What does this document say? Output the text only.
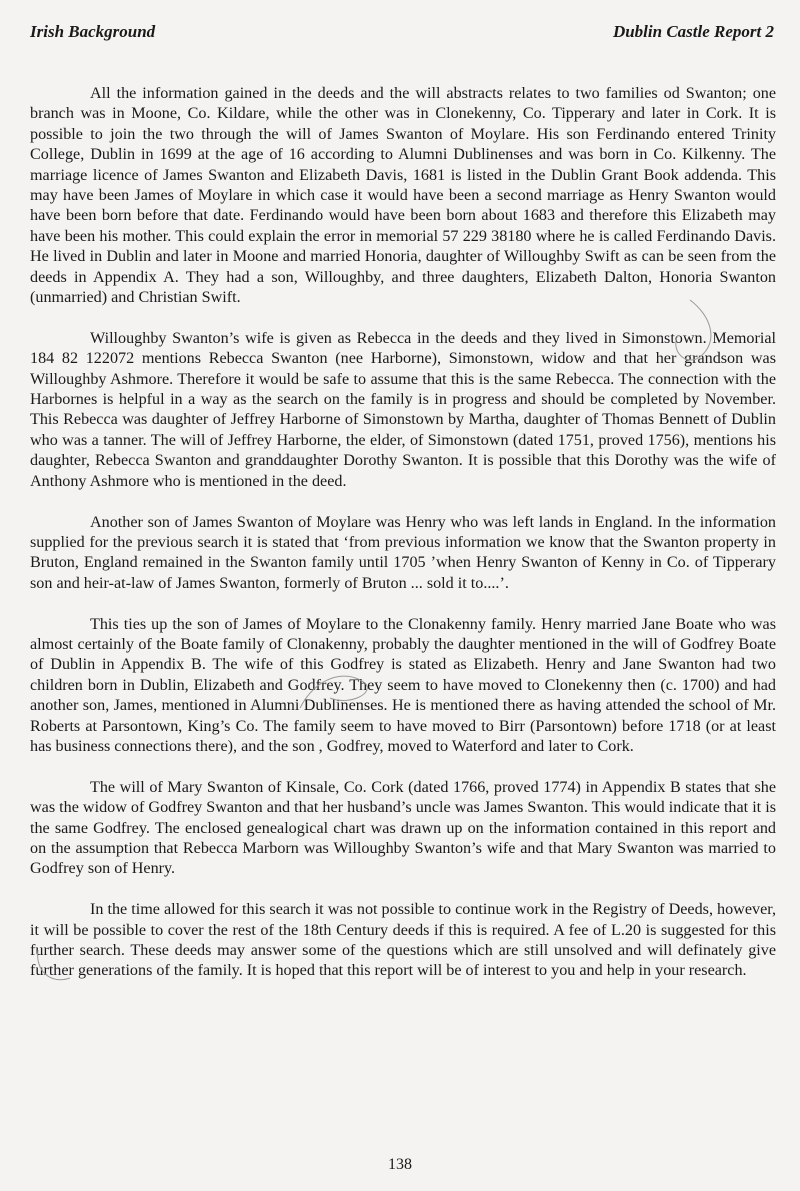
Irish Background	Dublin Castle Report 2

All the information gained in the deeds and the will abstracts relates to two families od Swanton; one branch was in Moone, Co. Kildare, while the other was in Clonekenny, Co. Tipperary and later in Cork. It is possible to join the two through the will of James Swanton of Moylare. His son Ferdinando entered Trinity College, Dublin in 1699 at the age of 16 according to Alumni Dublinenses and was born in Co. Kilkenny. The marriage licence of James Swanton and Elizabeth Davis, 1681 is listed in the Dublin Grant Book addenda. This may have been James of Moylare in which case it would have been a second marriage as Henry Swanton would have been born before that date. Ferdinando would have been born about 1683 and therefore this Elizabeth may have been his mother. This could explain the error in memorial 57 229 38180 where he is called Ferdinando Davis. He lived in Dublin and later in Moone and married Honoria, daughter of Willoughby Swift as can be seen from the deeds in Appendix A. They had a son, Willoughby, and three daughters, Elizabeth Dalton, Honoria Swanton (unmarried) and Christian Swift.

Willoughby Swanton’s wife is given as Rebecca in the deeds and they lived in Simonstown. Memorial 184 82 122072 mentions Rebecca Swanton (nee Harborne), Simonstown, widow and that her grandson was Willoughby Ashmore. Therefore it would be safe to assume that this is the same Rebecca. The connection with the Harbornes is helpful in a way as the search on the family is in progress and should be completed by November. This Rebecca was daughter of Jeffrey Harborne of Simonstown by Martha, daughter of Thomas Bennett of Dublin who was a tanner. The will of Jeffrey Harborne, the elder, of Simonstown (dated 1751, proved 1756), mentions his daughter, Rebecca Swanton and granddaughter Dorothy Swanton. It is possible that this Dorothy was the wife of Anthony Ashmore who is mentioned in the deed.

Another son of James Swanton of Moylare was Henry who was left lands in England. In the information supplied for the previous search it is stated that ‘from previous information we know that the Swanton property in Bruton, England remained in the Swanton family until 1705 ’when Henry Swanton of Kenny in Co. of Tipperary son and heir-at-law of James Swanton, formerly of Bruton ... sold it to....’.

This ties up the son of James of Moylare to the Clonakenny family. Henry married Jane Boate who was almost certainly of the Boate family of Clonakenny, probably the daughter mentioned in the will of Godfrey Boate of Dublin in Appendix B. The wife of this Godfrey is stated as Elizabeth. Henry and Jane Swanton had two children born in Dublin, Elizabeth and Godfrey. They seem to have moved to Clonekenny then (c. 1700) and had another son, James, mentioned in Alumni Dublinenses. He is mentioned there as having attended the school of Mr. Roberts at Parsontown, King’s Co. The family seem to have moved to Birr (Parsontown) before 1718 (or at least has business connections there), and the son , Godfrey, moved to Waterford and later to Cork.

The will of Mary Swanton of Kinsale, Co. Cork (dated 1766, proved 1774) in Appendix B states that she was the widow of Godfrey Swanton and that her husband’s uncle was James Swanton. This would indicate that it is the same Godfrey. The enclosed genealogical chart was drawn up on the information contained in this report and on the assumption that Rebecca Marborn was Willoughby Swanton’s wife and that Mary Swanton was married to Godfrey son of Henry.

In the time allowed for this search it was not possible to continue work in the Registry of Deeds, however, it will be possible to cover the rest of the 18th Century deeds if this is required. A fee of L.20 is suggested for this further search. These deeds may answer some of the questions which are still unsolved and will definately give further generations of the family. It is hoped that this report will be of interest to you and help in your research.

138
